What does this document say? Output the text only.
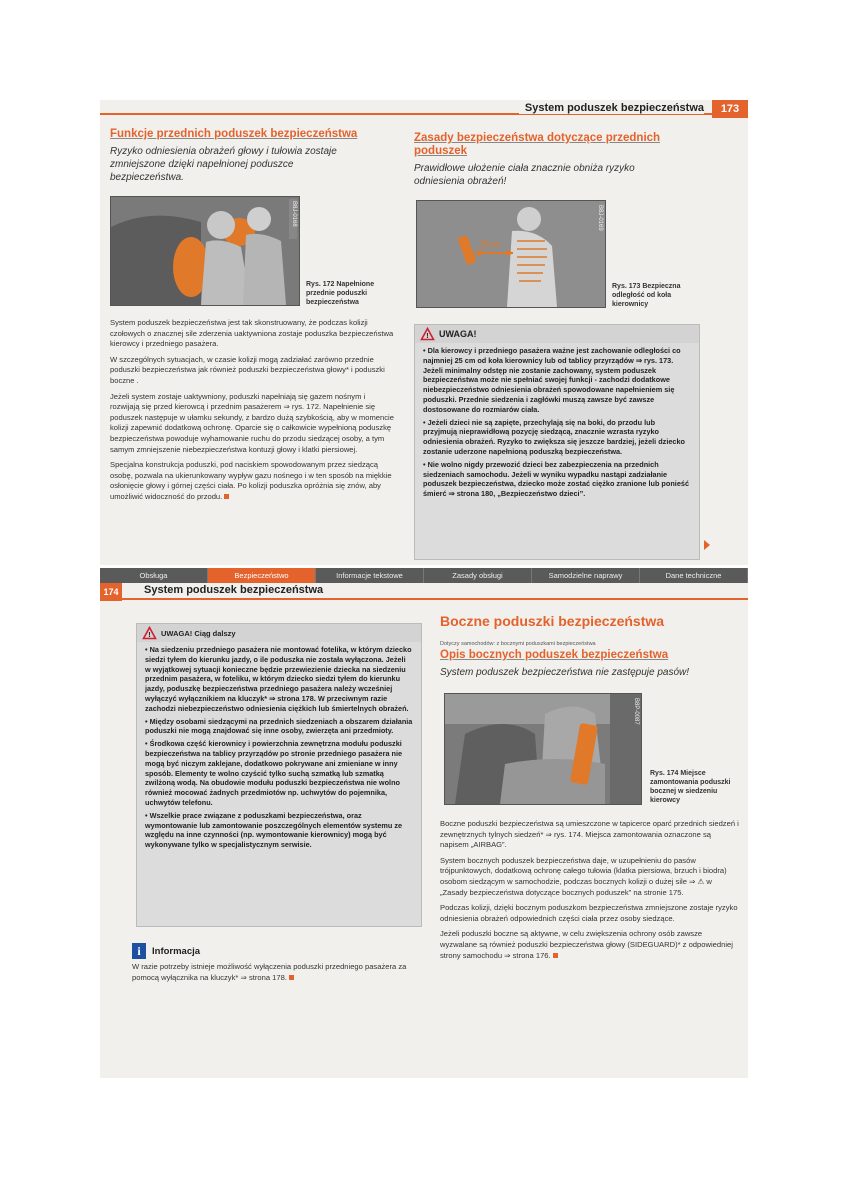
System poduszek bezpieczeństwa	173
Funkcje przednich poduszek bezpieczeństwa
Ryzyko odniesienia obrażeń głowy i tułowia zostaje zmniejszone dzięki napełnionej poduszce bezpieczeństwa.
B8J-0168
Rys. 172 Napełnione przednie poduszki bezpieczeństwa

System poduszek bezpieczeństwa jest tak skonstruowany, że podczas kolizji czołowych o znacznej sile zderzenia uaktywniona zostaje poduszka bezpieczeństwa kierowcy i przedniego pasażera.

W szczególnych sytuacjach, w czasie kolizji mogą zadziałać zarówno przednie poduszki bezpieczeństwa jak również poduszki bezpieczeństwa głowy* i poduszki boczne .

Jeżeli system zostaje uaktywniony, poduszki napełniają się gazem nośnym i rozwijają się przed kierowcą i przednim pasażerem ⇒ rys. 172. Napełnienie się poduszek następuje w ułamku sekundy, z bardzo dużą szybkością, aby w momencie kolizji zapewnić dodatkową ochronę. Oparcie się o całkowicie wypełnioną poduszkę bezpieczeństwa powoduje wyhamowanie ruchu do przodu siedzącej osoby, a tym samym zmniejszenie niebezpieczeństwa kontuzji głowy i klatki piersiowej.

Specjalna konstrukcja poduszki, pod naciskiem spowodowanym przez siedzącą osobę, pozwala na ukierunkowany wypływ gazu nośnego i w ten sposób na miękkie osłonięcie głowy i górnej części ciała. Po kolizji poduszka opróżnia się znów, aby umożliwić widoczność do przodu.

Zasady bezpieczeństwa dotyczące przednich poduszek
Prawidłowe ułożenie ciała znacznie obniża ryzyko odniesienia obrażeń!
25cm
B8J-0169
Rys. 173 Bezpieczna odległość od koła kierownicy
! UWAGA!

• Dla kierowcy i przedniego pasażera ważne jest zachowanie odległości co najmniej 25 cm od koła kierownicy lub od tablicy przyrządów ⇒ rys. 173. Jeżeli minimalny odstęp nie zostanie zachowany, system poduszek bezpieczeństwa może nie spełniać swojej funkcji - zachodzi dodatkowe niebezpieczeństwo odniesienia obrażeń spowodowane napełnieniem się poduszki. Przednie siedzenia i zagłówki muszą zawsze być zawsze dostosowane do rozmiarów ciała.

• Jeżeli dzieci nie są zapięte, przechylają się na boki, do przodu lub przyjmują nieprawidłową pozycję siedzącą, znacznie wzrasta ryzyko odniesienia obrażeń. Ryzyko to zwiększa się jeszcze bardziej, jeżeli dziecko zostanie uderzone napełnioną poduszką bezpieczeństwa.

• Nie wolno nigdy przewozić dzieci bez zabezpieczenia na przednich siedzeniach samochodu. Jeżeli w wyniku wypadku nastąpi zadziałanie poduszek bezpieczeństwa, dziecko może zostać ciężko zranione lub ponieść śmierć ⇒ strona 180, „Bezpieczeństwo dzieci”.

Obsługa	Bezpieczeństwo	Informacje tekstowe	Zasady obsługi	Samodzielne naprawy	Dane techniczne
174	System poduszek bezpieczeństwa
! UWAGA! Ciąg dalszy

• Na siedzeniu przedniego pasażera nie montować fotelika, w którym dziecko siedzi tyłem do kierunku jazdy, o ile poduszka nie została wyłączona. Jeżeli w wyjątkowej sytuacji konieczne będzie przewiezienie dziecka na siedzeniu przednim pasażera, w foteliku, w którym dziecko siedzi tyłem do kierunku jazdy, poduszkę bezpieczeństwa przedniego pasażera należy wcześniej wyłączyć wyłącznikiem na kluczyk* ⇒ strona 178. W przeciwnym razie zachodzi niebezpieczeństwo odniesienia ciężkich lub śmiertelnych obrażeń.

• Między osobami siedzącymi na przednich siedzeniach a obszarem działania poduszki nie mogą znajdować się inne osoby, zwierzęta ani przedmioty.

• Środkowa część kierownicy i powierzchnia zewnętrzna modułu poduszki bezpieczeństwa na tablicy przyrządów po stronie przedniego pasażera nie mogą być niczym zaklejane, dodatkowo pokrywane ani zmieniane w inny sposób. Elementy te wolno czyścić tylko suchą szmatką lub szmatką zwilżoną wodą. Na obudowie modułu poduszki bezpieczeństwa nie wolno również mocować żadnych przedmiotów np. uchwytów do pojemnika, uchwytów telefonu.

• Wszelkie prace związane z poduszkami bezpieczeństwa, oraz wymontowanie lub zamontowanie poszczególnych elementów systemu ze względu na inne czynności (np. wymontowanie kierownicy) mogą być wykonywane tylko w specjalistycznym serwisie.

i	Informacja

W razie potrzeby istnieje możliwość wyłączenia poduszki przedniego pasażera za pomocą wyłącznika na kluczyk* ⇒ strona 178.

Boczne poduszki bezpieczeństwa
Dotyczy samochodów: z bocznymi poduszkami bezpieczeństwa
Opis bocznych poduszek bezpieczeństwa
System poduszek bezpieczeństwa nie zastępuje pasów!
B8P-0087
Rys. 174 Miejsce zamontowania poduszki bocznej w siedzeniu kierowcy

Boczne poduszki bezpieczeństwa są umieszczone w tapicerce oparć przednich siedzeń i zewnętrznych tylnych siedzeń* ⇒ rys. 174. Miejsca zamontowania oznaczone są napisem „AIRBAG”.

System bocznych poduszek bezpieczeństwa daje, w uzupełnieniu do pasów trójpunktowych, dodatkową ochronę całego tułowia (klatka piersiowa, brzuch i biodra) osobom siedzącym w samochodzie, podczas bocznych kolizji o dużej sile ⇒ ⚠ w „Zasady bezpieczeństwa dotyczące bocznych poduszek” na stronie 175.

Podczas kolizji, dzięki bocznym poduszkom bezpieczeństwa zmniejszone zostaje ryzyko odniesienia obrażeń odpowiednich części ciała przez osoby siedzące.

Jeżeli poduszki boczne są aktywne, w celu zwiększenia ochrony osób zawsze wyzwalane są również poduszki bezpieczeństwa głowy (SIDEGUARD)* z odpowiedniej strony samochodu ⇒ strona 176.
